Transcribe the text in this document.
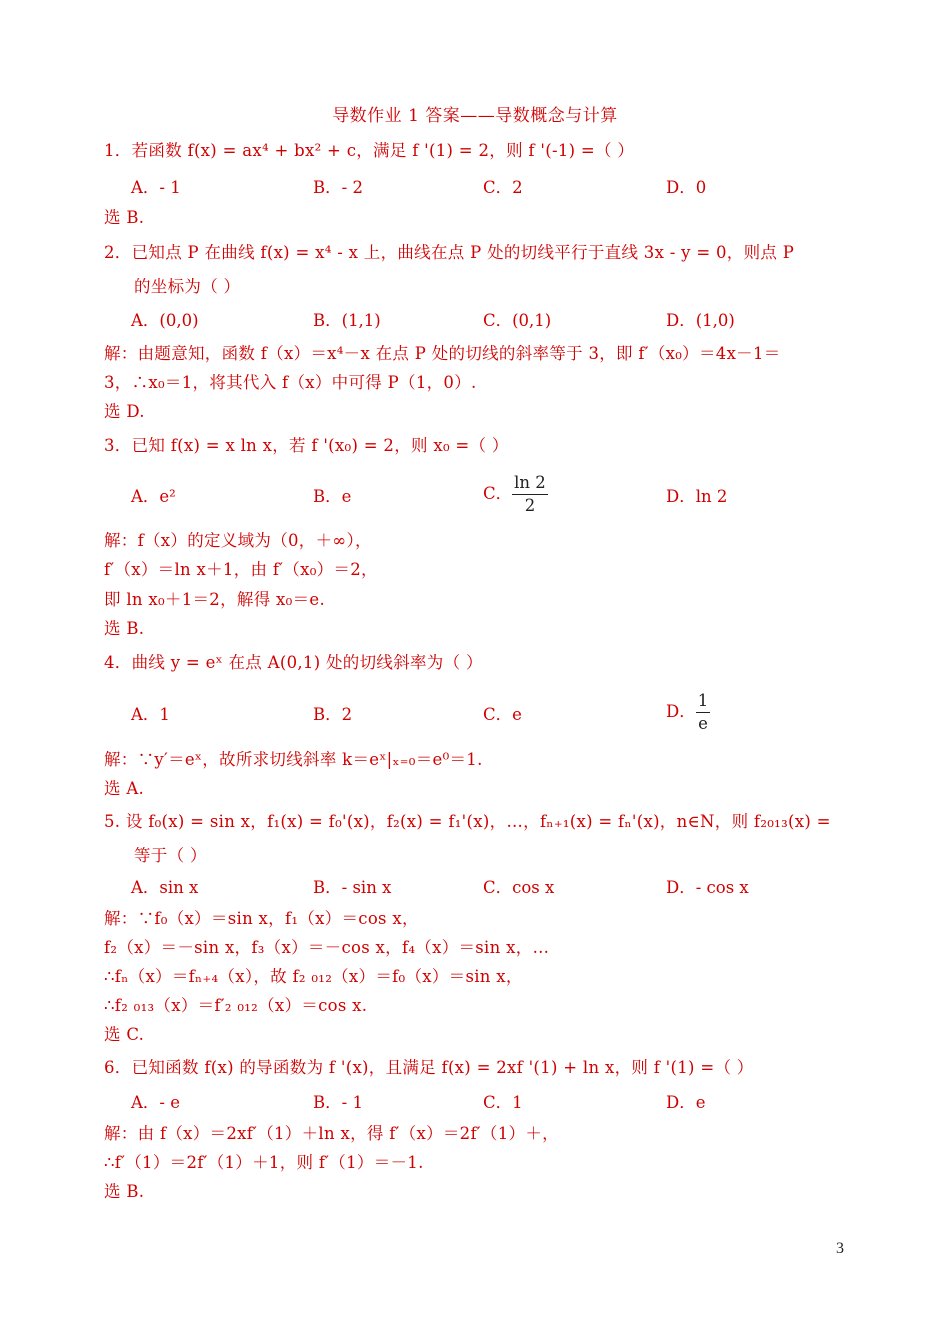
导数作业 1 答案——导数概念与计算
1．若函数 f(x) = ax⁴ + bx² + c，满足 f '(1) = 2，则 f '(-1) =（ ）
A．- 1	B．- 2	C．2	D．0
选 B.
2．已知点 P 在曲线 f(x) = x⁴ - x 上，曲线在点 P 处的切线平行于直线 3x - y = 0，则点 P
的坐标为（ ）
A．(0,0)	B．(1,1)	C．(0,1)	D．(1,0)
解：由题意知，函数 f（x）＝x⁴－x 在点 P 处的切线的斜率等于 3，即 f′（x₀）＝4x－1＝
3，∴x₀＝1，将其代入 f（x）中可得 P（1，0）.
选 D.
3．已知 f(x) = x ln x，若 f '(x₀) = 2，则 x₀ =（ ）
A．e²	B．e	C． $\frac{\ln 2}{2}$	D．ln 2
解：f（x）的定义域为（0，＋∞），
f′（x）＝ln x＋1，由 f′（x₀）＝2，
即 ln x₀＋1＝2，解得 x₀＝e.
选 B.
4．曲线 y = eˣ 在点 A(0,1) 处的切线斜率为（ ）
A．1	B．2	C．e	D． $\frac{1}{e}$
解：∵y′＝eˣ，故所求切线斜率 k＝eˣ|ₓ₌₀＝e⁰＝1.
选 A.
5. 设 f₀(x) = sin x，f₁(x) = f₀'(x)，f₂(x) = f₁'(x)，…，fₙ₊₁(x) = fₙ'(x)，n∈N，则 f₂₀₁₃(x) =
等于（ ）
A．sin x	B．- sin x	C．cos x	D．- cos x
解：∵f₀（x）＝sin x，f₁（x）＝cos x，
f₂（x）＝－sin x，f₃（x）＝－cos x，f₄（x）＝sin x，…
∴fₙ（x）＝fₙ₊₄（x），故 f₂ ₀₁₂（x）＝f₀（x）＝sin x，
∴f₂ ₀₁₃（x）＝f′₂ ₀₁₂（x）＝cos x.
选 C.
6．已知函数 f(x) 的导函数为 f '(x)，且满足 f(x) = 2xf '(1) + ln x，则 f '(1) =（ ）
A．- e	B．- 1	C．1	D．e
解：由 f（x）＝2xf′（1）＋ln x，得 f′（x）＝2f′（1）＋，
∴f′（1）＝2f′（1）＋1，则 f′（1）＝－1.
选 B.
3
